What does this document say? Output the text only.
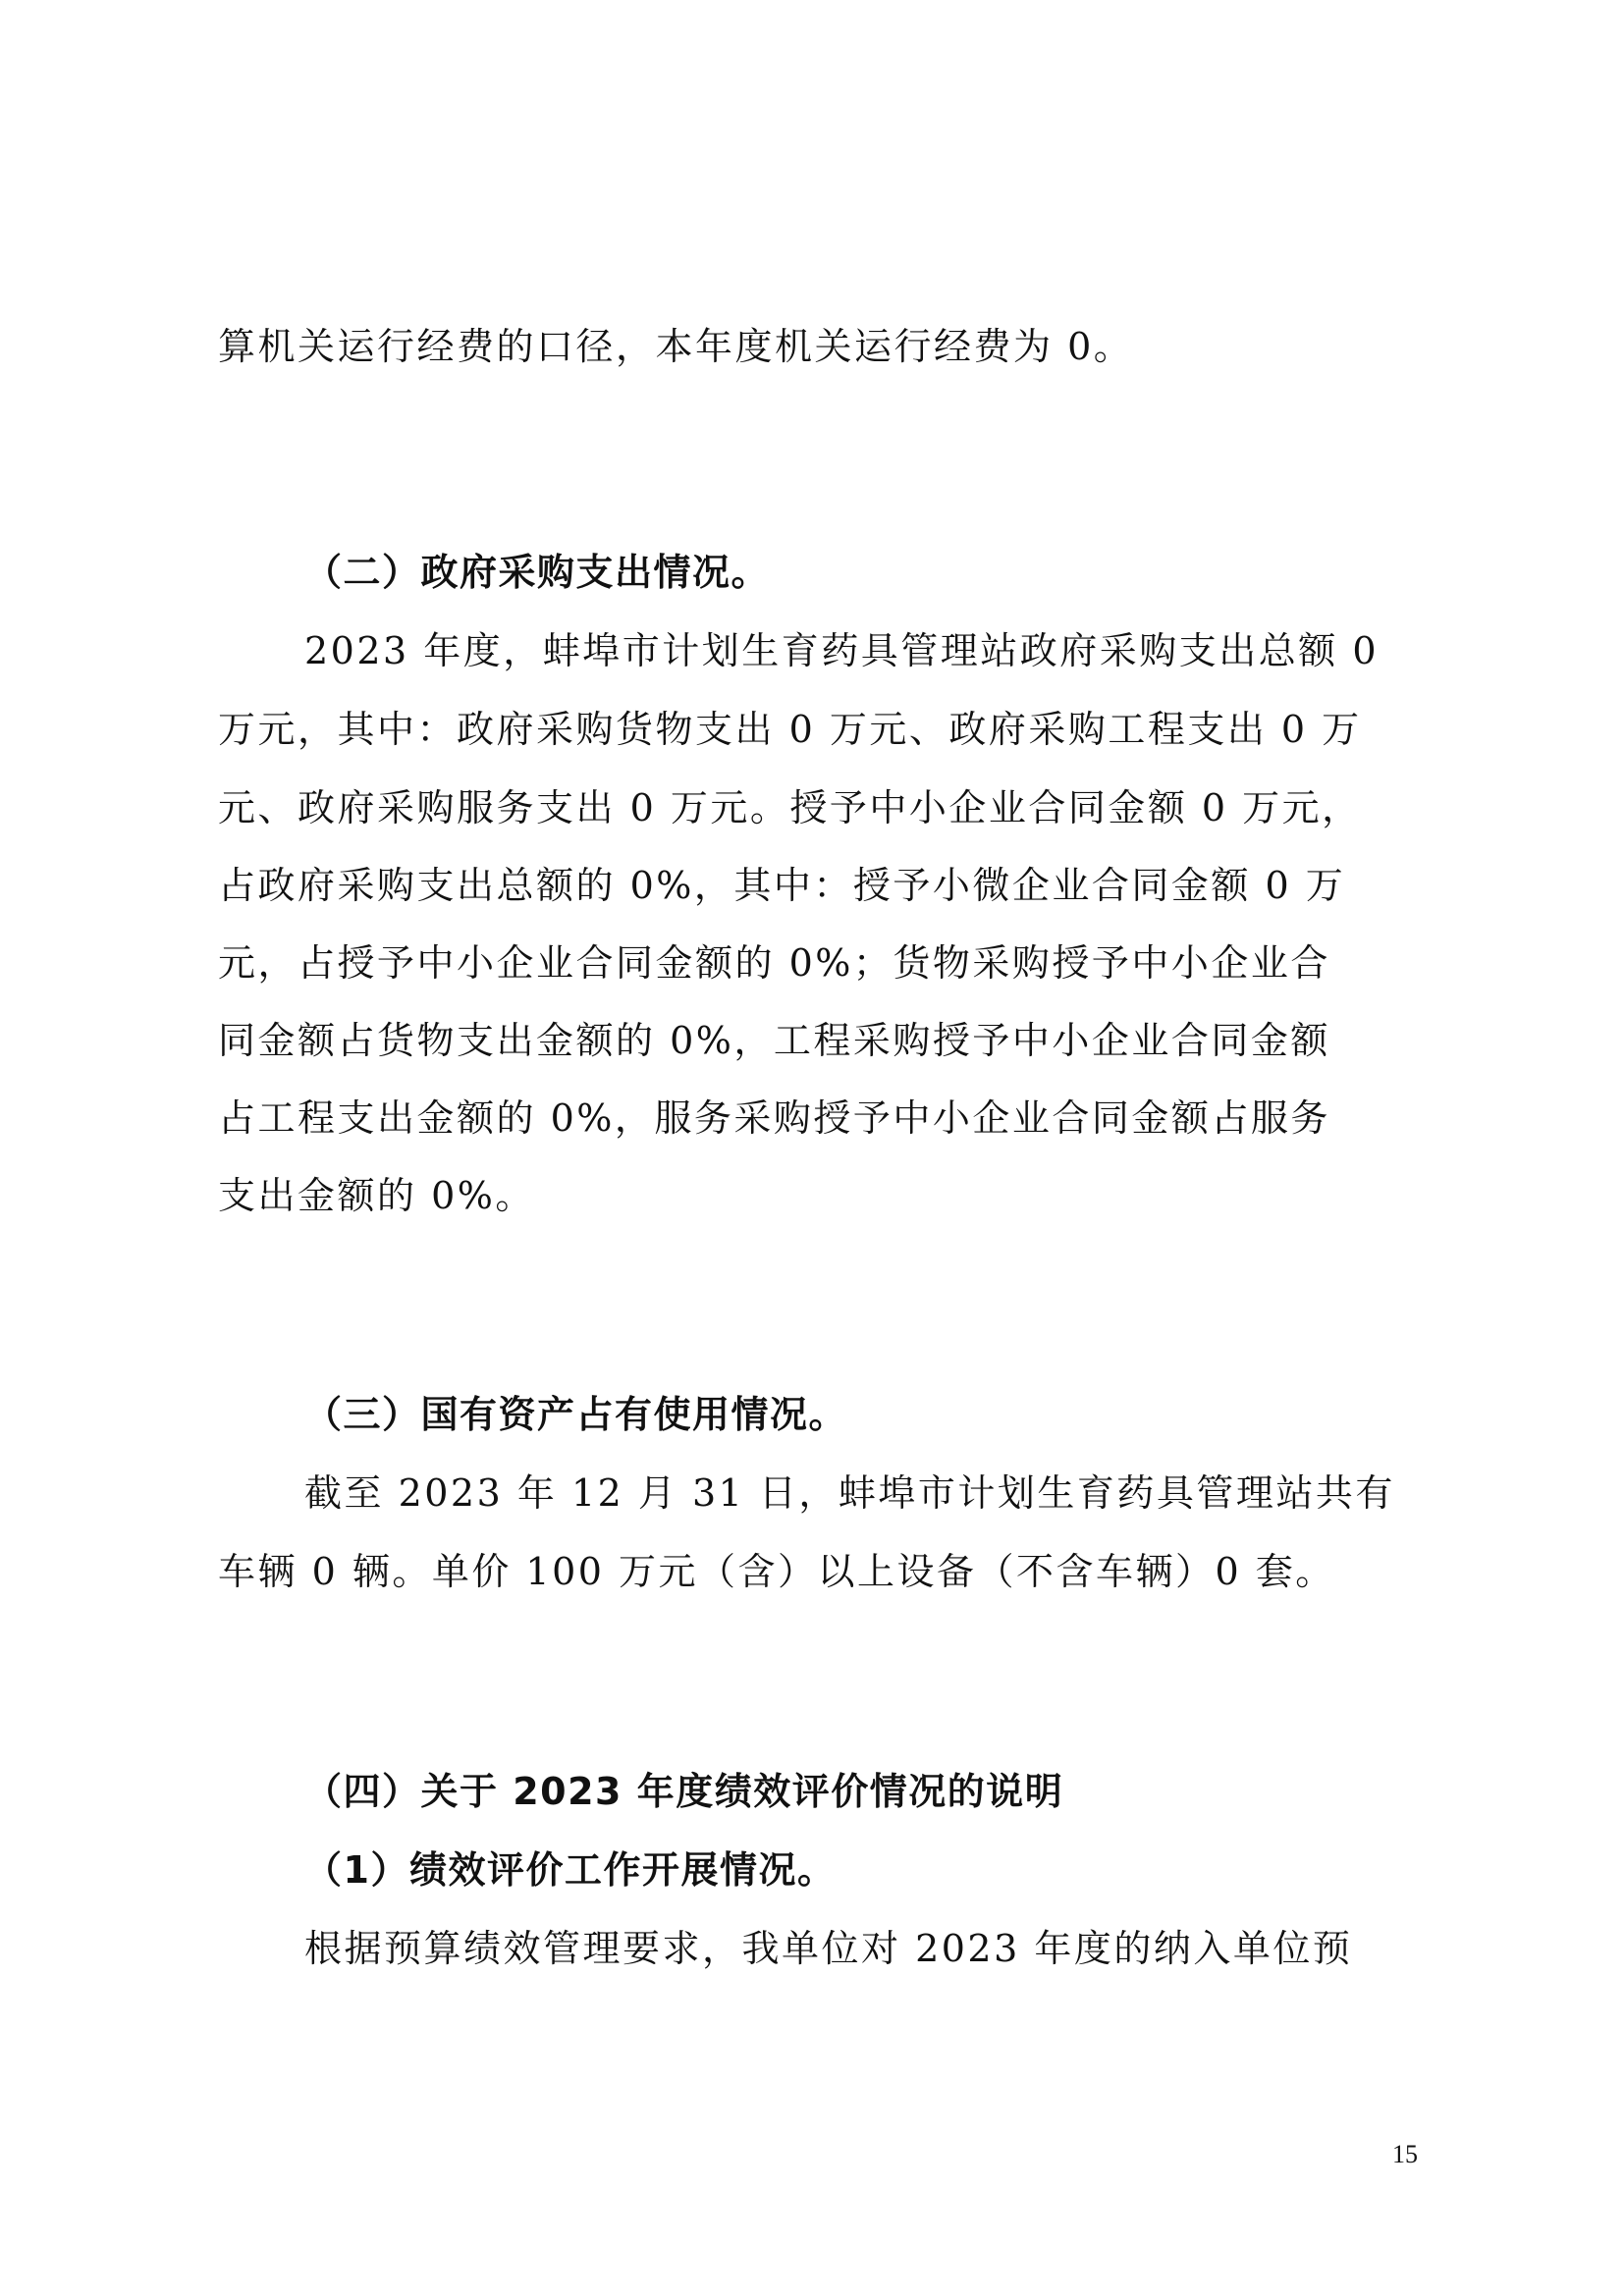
算机关运行经费的口径，本年度机关运行经费为 0。
（二）政府采购支出情况。
2023 年度，蚌埠市计划生育药具管理站政府采购支出总额 0
万元，其中：政府采购货物支出 0 万元、政府采购工程支出 0 万
元、政府采购服务支出 0 万元。授予中小企业合同金额 0 万元，
占政府采购支出总额的 0%，其中：授予小微企业合同金额 0 万
元，占授予中小企业合同金额的 0%；货物采购授予中小企业合
同金额占货物支出金额的 0%，工程采购授予中小企业合同金额
占工程支出金额的 0%，服务采购授予中小企业合同金额占服务
支出金额的 0%。
（三）国有资产占有使用情况。
截至 2023 年 12 月 31 日，蚌埠市计划生育药具管理站共有
车辆 0 辆。单价 100 万元（含）以上设备（不含车辆）0 套。
（四）关于 2023 年度绩效评价情况的说明
（1）绩效评价工作开展情况。
根据预算绩效管理要求，我单位对 2023 年度的纳入单位预
15
